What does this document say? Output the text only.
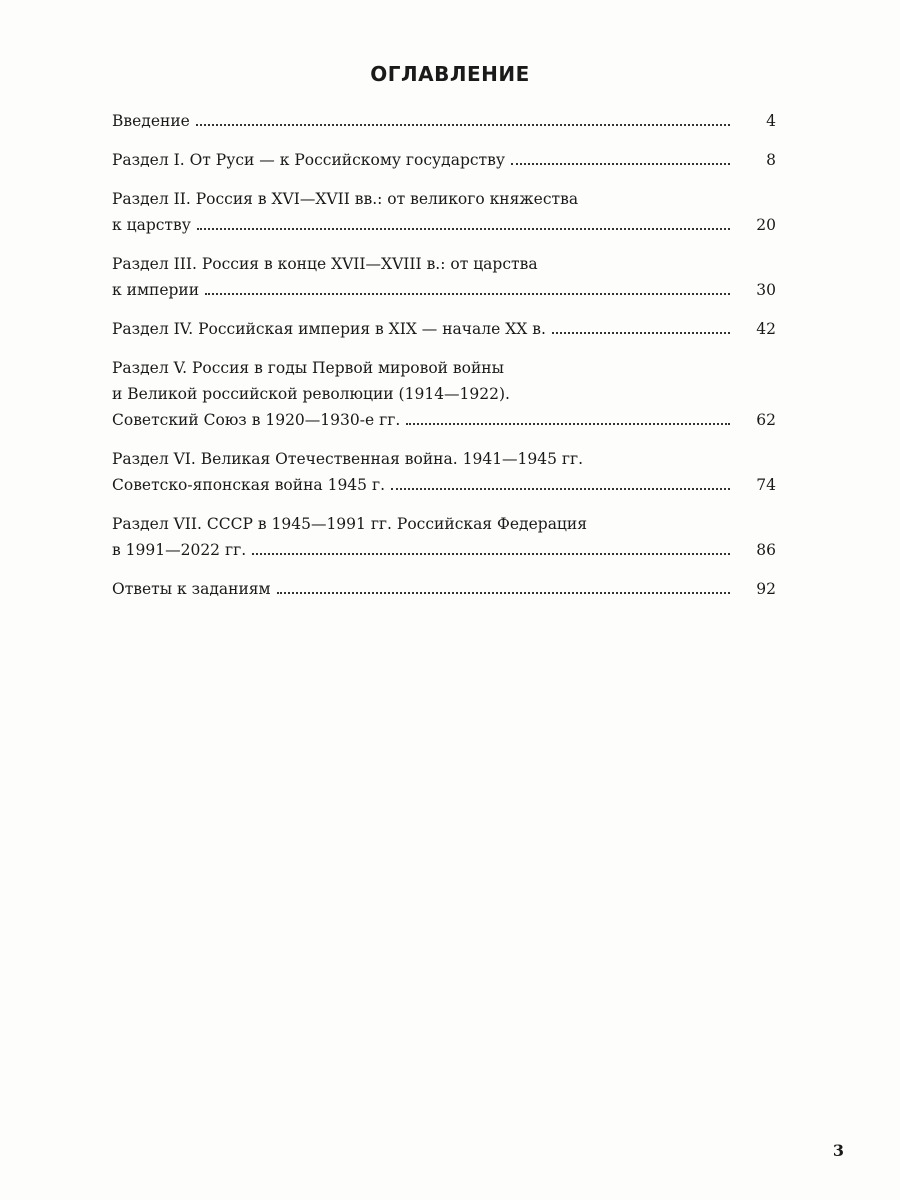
ОГЛАВЛЕНИЕ
Введение	4
Раздел I. От Руси — к Российскому государству	8
Раздел II. Россия в XVI—XVII вв.: от великого княжества
к царству	20
Раздел III. Россия в конце XVII—XVIII в.: от царства
к империи	30
Раздел IV. Российская империя в XIX — начале XX в.	42
Раздел V. Россия в годы Первой мировой войны
и Великой российской революции (1914—1922).
Советский Союз в 1920—1930-е гг.	62
Раздел VI. Великая Отечественная война. 1941—1945 гг.
Советско-японская война 1945 г.	74
Раздел VII. СССР в 1945—1991 гг. Российская Федерация
в 1991—2022 гг.	86
Ответы к заданиям	92
3
